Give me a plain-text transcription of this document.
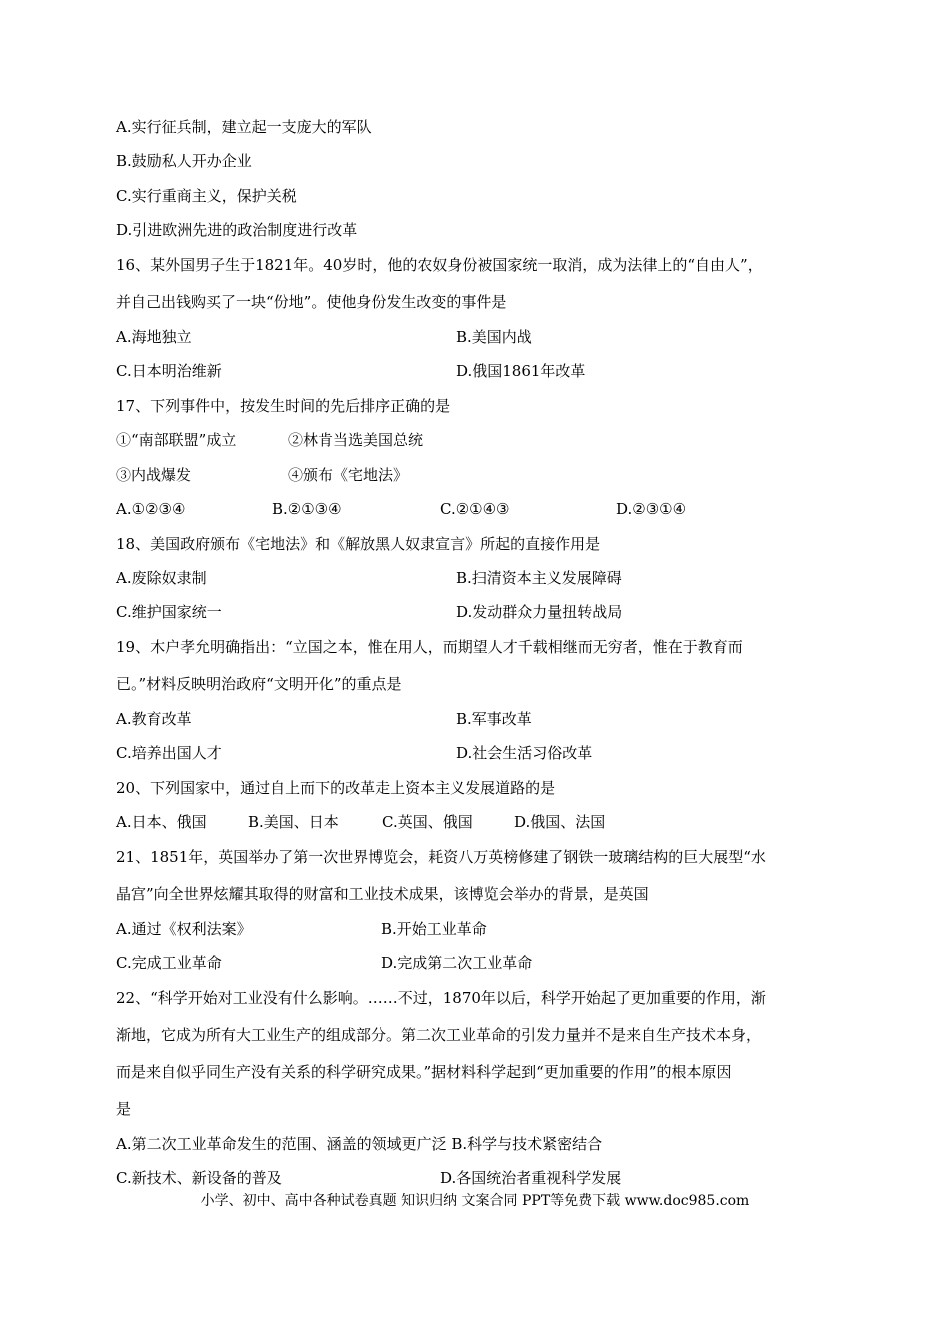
A.实行征兵制，建立起一支庞大的军队
B.鼓励私人开办企业
C.实行重商主义，保护关税
D.引进欧洲先进的政治制度进行改革
16、某外国男子生于1821年。40岁时，他的农奴身份被国家统一取消，成为法律上的“自由人”，
并自己出钱购买了一块“份地”。使他身份发生改变的事件是
A.海地独立	B.美国内战
C.日本明治维新	D.俄国1861年改革
17、下列事件中，按发生时间的先后排序正确的是
①“南部联盟”成立	②林肯当选美国总统
③内战爆发	④颁布《宅地法》
A.①②③④	B.②①③④	C.②①④③	D.②③①④
18、美国政府颁布《宅地法》和《解放黑人奴隶宣言》所起的直接作用是
A.废除奴隶制	B.扫清资本主义发展障碍
C.维护国家统一	D.发动群众力量扭转战局
19、木户孝允明确指出：“立国之本，惟在用人，而期望人才千载相继而无穷者，惟在于教育而
已。”材料反映明治政府“文明开化”的重点是
A.教育改革	B.军事改革
C.培养出国人才	D.社会生活习俗改革
20、下列国家中，通过自上而下的改革走上资本主义发展道路的是
A.日本、俄国	B.美国、日本	C.英国、俄国	D.俄国、法国
21、1851年，英国举办了第一次世界博览会，耗资八万英榜修建了钢铁一玻璃结构的巨大展型“水
晶宫”向全世界炫耀其取得的财富和工业技术成果，该博览会举办的背景，是英国
A.通过《权利法案》	B.开始工业革命
C.完成工业革命	D.完成第二次工业革命
22、“科学开始对工业没有什么影响。……不过，1870年以后，科学开始起了更加重要的作用，渐
渐地，它成为所有大工业生产的组成部分。第二次工业革命的引发力量并不是来自生产技术本身，
而是来自似乎同生产没有关系的科学研究成果。”据材料科学起到“更加重要的作用”的根本原因
是
A.第二次工业革命发生的范围、涵盖的领域更广泛 B.科学与技术紧密结合
C.新技术、新设备的普及	D.各国统治者重视科学发展
小学、初中、高中各种试卷真题 知识归纳 文案合同 PPT等免费下载 www.doc985.com
